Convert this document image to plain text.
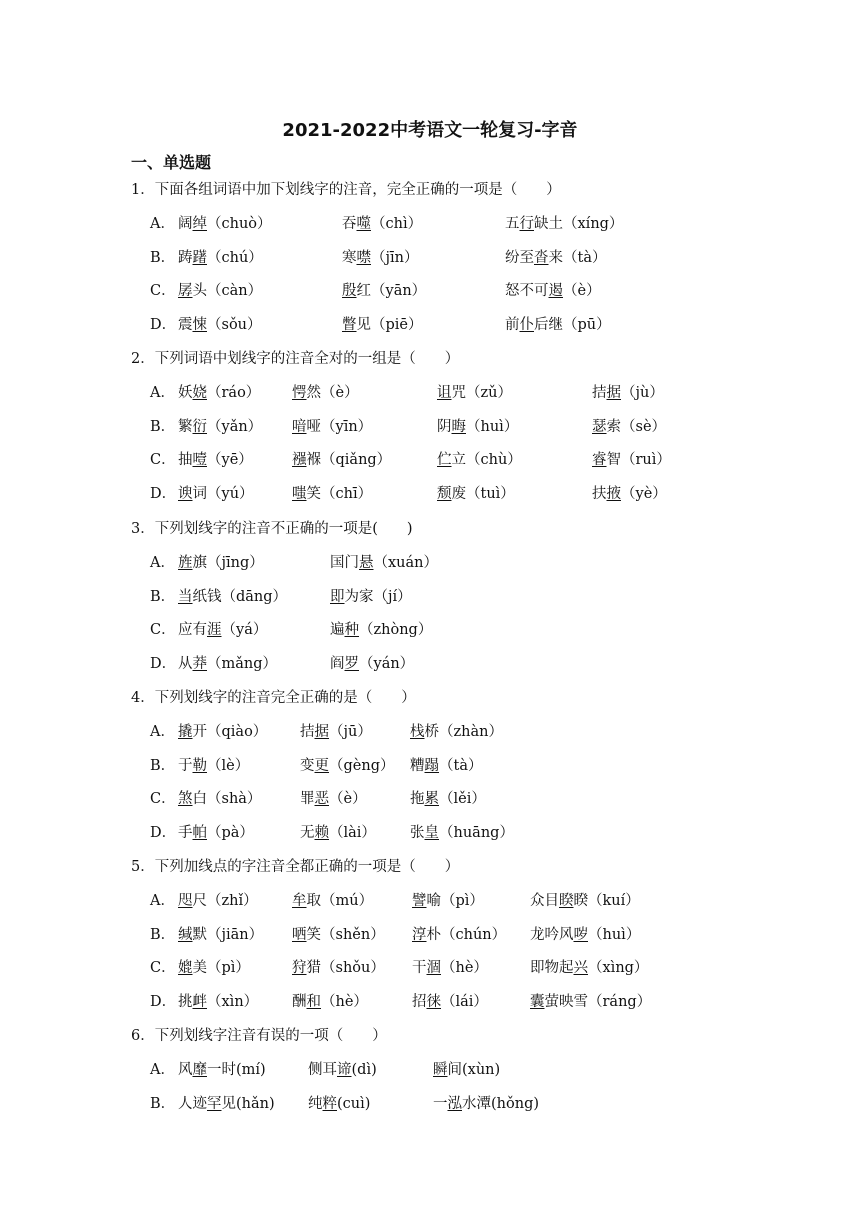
2021-2022中考语文一轮复习-字音
一、单选题
1．下面各组词语中加下划线字的注音，完全正确的一项是（　　）
A． 阔绰（chuò）	吞噬（chì）	五行缺土（xíng）
B． 踌躇（chú）	寒噤（jīn）	纷至沓来（tà）
C． 孱头（càn）	殷红（yān）	怒不可遏（è）
D． 震悚（sǒu）	瞥见（piē）	前仆后继（pū）
2．下列词语中划线字的注音全对的一组是（　　）
A． 妖娆（ráo） 愕然（è）	诅咒（zǔ）	拮据（jù）
B． 繁衍（yǎn） 喑哑（yīn）	阴晦（huì）	瑟索（sè）
C． 抽噎（yē）	襁褓（qiǎng）	伫立（chù）	睿智（ruì）
D． 谀词（yú）	嗤笑（chī）	颓废（tuì）	扶掖（yè）
3．下列划线字的注音不正确的一项是(　　)
A． 旌旗（jīng）	国门悬（xuán）
B． 当纸钱（dāng）	即为家（jí）
C． 应有涯（yá）	遍种（zhòng）
D． 从莽（mǎng）	阎罗（yán）
4．下列划线字的注音完全正确的是（　　）
A． 撬开（qiào） 拮据（jū）	栈桥（zhàn）
B． 于勒（lè）	变更（gèng） 糟蹋（tà）
C． 煞白（shà）	罪恶（è）	拖累（lěi）
D． 手帕（pà）	无赖（lài） 张皇（huāng）
5．下列加线点的字注音全都正确的一项是（　　）
A． 咫尺（zhǐ） 牟取（mú）	譬喻（pì）	众目睽睽（kuí）
B． 缄默（jiān） 哂笑（shěn） 淳朴（chún） 龙吟风哕（huì）
C． 媲美（pì）	狩猎（shǒu） 干涸（hè）	即物起兴（xìng）
D． 挑衅（xìn） 酬和（hè）	招徕（lái）	囊萤映雪（ráng）
6．下列划线字注音有误的一项（　　）
A． 风靡一时(mí)	侧耳谛(dì)	瞬间(xùn)
B． 人迹罕见(hǎn) 纯粹(cuì)	一泓水潭(hǒng)
